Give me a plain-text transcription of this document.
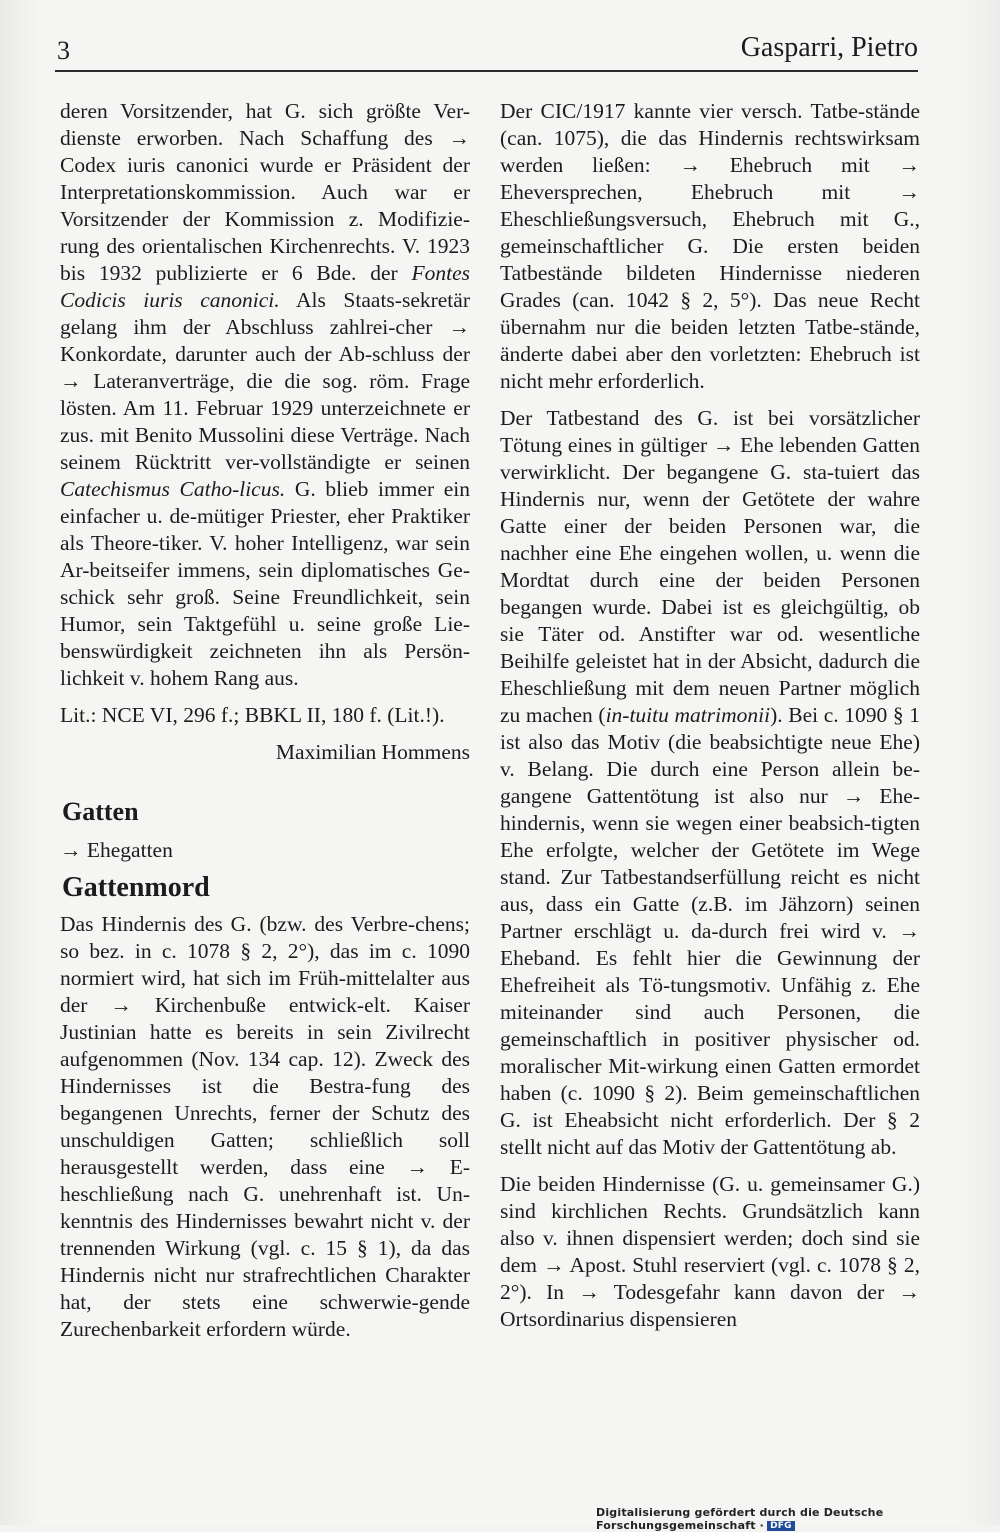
3	Gasparri, Pietro

deren Vorsitzender, hat G. sich größte Ver-dienste erworben. Nach Schaffung des → Codex iuris canonici wurde er Präsident der Interpretationskommission. Auch war er Vorsitzender der Kommission z. Modifizie-rung des orientalischen Kirchenrechts. V. 1923 bis 1932 publizierte er 6 Bde. der Fontes Codicis iuris canonici. Als Staats-sekretär gelang ihm der Abschluss zahlrei-cher → Konkordate, darunter auch der Ab-schluss der → Lateranverträge, die die sog. röm. Frage lösten. Am 11. Februar 1929 unterzeichnete er zus. mit Benito Mussolini diese Verträge. Nach seinem Rücktritt ver-vollständigte er seinen Catechismus Catho-licus. G. blieb immer ein einfacher u. de-mütiger Priester, eher Praktiker als Theore-tiker. V. hoher Intelligenz, war sein Ar-beitseifer immens, sein diplomatisches Ge-schick sehr groß. Seine Freundlichkeit, sein Humor, sein Taktgefühl u. seine große Lie-benswürdigkeit zeichneten ihn als Persön-lichkeit v. hohem Rang aus.

Lit.: NCE VI, 296 f.; BBKL II, 180 f. (Lit.!).

Maximilian Hommens

Gatten

→ Ehegatten

Gattenmord

Das Hindernis des G. (bzw. des Verbre-chens; so bez. in c. 1078 § 2, 2°), das im c. 1090 normiert wird, hat sich im Früh-mittelalter aus der → Kirchenbuße entwick-elt. Kaiser Justinian hatte es bereits in sein Zivilrecht aufgenommen (Nov. 134 cap. 12). Zweck des Hindernisses ist die Bestra-fung des begangenen Unrechts, ferner der Schutz des unschuldigen Gatten; schließlich soll herausgestellt werden, dass eine → E-heschließung nach G. unehrenhaft ist. Un-kenntnis des Hindernisses bewahrt nicht v. der trennenden Wirkung (vgl. c. 15 § 1), da das Hindernis nicht nur strafrechtlichen Charakter hat, der stets eine schwerwie-gende Zurechenbarkeit erfordern würde.

Der CIC/1917 kannte vier versch. Tatbe-stände (can. 1075), die das Hindernis rechtswirksam werden ließen: → Ehebruch mit → Eheversprechen, Ehebruch mit → Eheschließungsversuch, Ehebruch mit G., gemeinschaftlicher G. Die ersten beiden Tatbestände bildeten Hindernisse niederen Grades (can. 1042 § 2, 5°). Das neue Recht übernahm nur die beiden letzten Tatbe-stände, änderte dabei aber den vorletzten: Ehebruch ist nicht mehr erforderlich.

Der Tatbestand des G. ist bei vorsätzlicher Tötung eines in gültiger → Ehe lebenden Gatten verwirklicht. Der begangene G. sta-tuiert das Hindernis nur, wenn der Getötete der wahre Gatte einer der beiden Personen war, die nachher eine Ehe eingehen wollen, u. wenn die Mordtat durch eine der beiden Personen begangen wurde. Dabei ist es gleichgültig, ob sie Täter od. Anstifter war od. wesentliche Beihilfe geleistet hat in der Absicht, dadurch die Eheschließung mit dem neuen Partner möglich zu machen (in-tuitu matrimonii). Bei c. 1090 § 1 ist also das Motiv (die beabsichtigte neue Ehe) v. Belang. Die durch eine Person allein be-gangene Gattentötung ist also nur → Ehe-hindernis, wenn sie wegen einer beabsich-tigten Ehe erfolgte, welcher der Getötete im Wege stand. Zur Tatbestandserfüllung reicht es nicht aus, dass ein Gatte (z.B. im Jähzorn) seinen Partner erschlägt u. da-durch frei wird v. → Eheband. Es fehlt hier die Gewinnung der Ehefreiheit als Tö-tungsmotiv. Unfähig z. Ehe miteinander sind auch Personen, die gemeinschaftlich in positiver physischer od. moralischer Mit-wirkung einen Gatten ermordet haben (c. 1090 § 2). Beim gemeinschaftlichen G. ist Eheabsicht nicht erforderlich. Der § 2 stellt nicht auf das Motiv der Gattentötung ab.

Die beiden Hindernisse (G. u. gemeinsamer G.) sind kirchlichen Rechts. Grundsätzlich kann also v. ihnen dispensiert werden; doch sind sie dem → Apost. Stuhl reserviert (vgl. c. 1078 § 2, 2°). In → Todesgefahr kann davon der → Ortsordinarius dispensieren

Digitalisierung gefördert durch die Deutsche Forschungsgemeinschaft · DFG
